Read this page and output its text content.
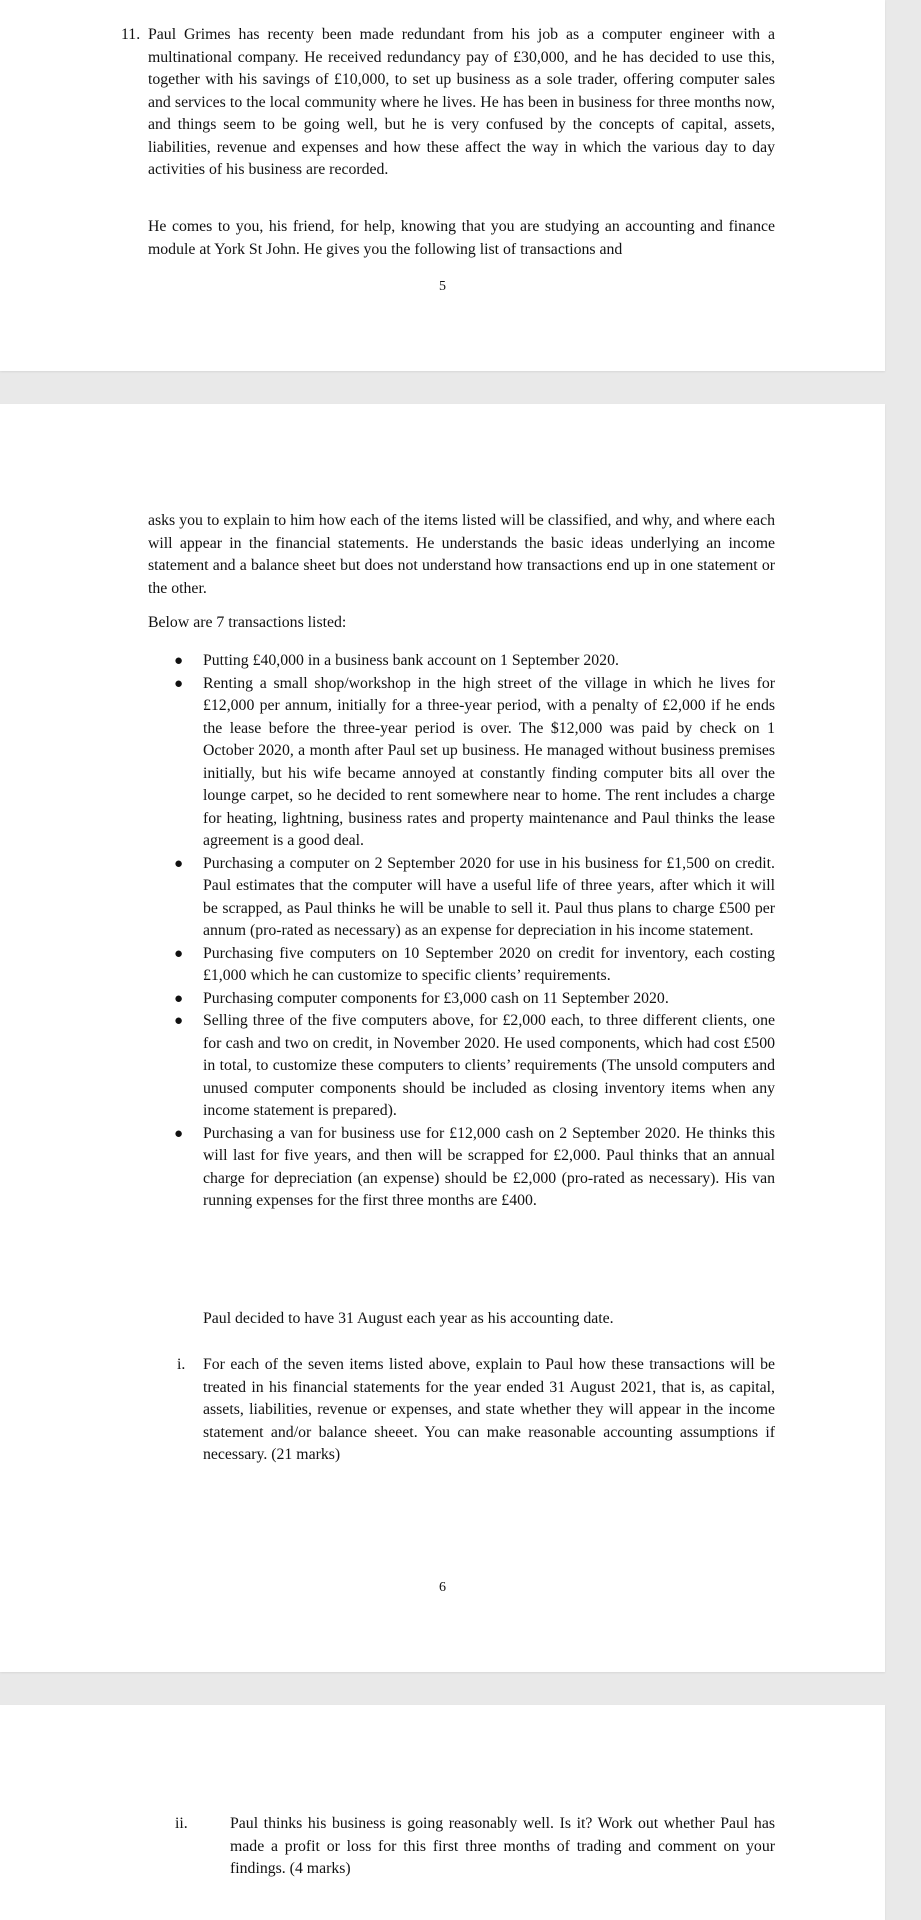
11. Paul Grimes has recenty been made redundant from his job as a computer engineer with a multinational company. He received redundancy pay of £30,000, and he has decided to use this, together with his savings of £10,000, to set up business as a sole trader, offering computer sales and services to the local community where he lives. He has been in business for three months now, and things seem to be going well, but he is very confused by the concepts of capital, assets, liabilities, revenue and expenses and how these affect the way in which the various day to day activities of his business are recorded.

He comes to you, his friend, for help, knowing that you are studying an accounting and finance module at York St John. He gives you the following list of transactions and

5

asks you to explain to him how each of the items listed will be classified, and why, and where each will appear in the financial statements. He understands the basic ideas underlying an income statement and a balance sheet but does not understand how transactions end up in one statement or the other.

Below are 7 transactions listed:

● Putting £40,000 in a business bank account on 1 September 2020.
● Renting a small shop/workshop in the high street of the village in which he lives for £12,000 per annum, initially for a three-year period, with a penalty of £2,000 if he ends the lease before the three-year period is over. The $12,000 was paid by check on 1 October 2020, a month after Paul set up business. He managed without business premises initially, but his wife became annoyed at constantly finding computer bits all over the lounge carpet, so he decided to rent somewhere near to home. The rent includes a charge for heating, lightning, business rates and property maintenance and Paul thinks the lease agreement is a good deal.
● Purchasing a computer on 2 September 2020 for use in his business for £1,500 on credit. Paul estimates that the computer will have a useful life of three years, after which it will be scrapped, as Paul thinks he will be unable to sell it. Paul thus plans to charge £500 per annum (pro-rated as necessary) as an expense for depreciation in his income statement.
● Purchasing five computers on 10 September 2020 on credit for inventory, each costing £1,000 which he can customize to specific clients’ requirements.
● Purchasing computer components for £3,000 cash on 11 September 2020.
● Selling three of the five computers above, for £2,000 each, to three different clients, one for cash and two on credit, in November 2020. He used components, which had cost £500 in total, to customize these computers to clients’ requirements (The unsold computers and unused computer components should be included as closing inventory items when any income statement is prepared).
● Purchasing a van for business use for £12,000 cash on 2 September 2020. He thinks this will last for five years, and then will be scrapped for £2,000. Paul thinks that an annual charge for depreciation (an expense) should be £2,000 (pro-rated as necessary). His van running expenses for the first three months are £400.

Paul decided to have 31 August each year as his accounting date.

i. For each of the seven items listed above, explain to Paul how these transactions will be treated in his financial statements for the year ended 31 August 2021, that is, as capital, assets, liabilities, revenue or expenses, and state whether they will appear in the income statement and/or balance sheeet. You can make reasonable accounting assumptions if necessary. (21 marks)
6
ii.	Paul thinks his business is going reasonably well. Is it? Work out whether Paul has made a profit or loss for this first three months of trading and comment on your findings. (4 marks)
